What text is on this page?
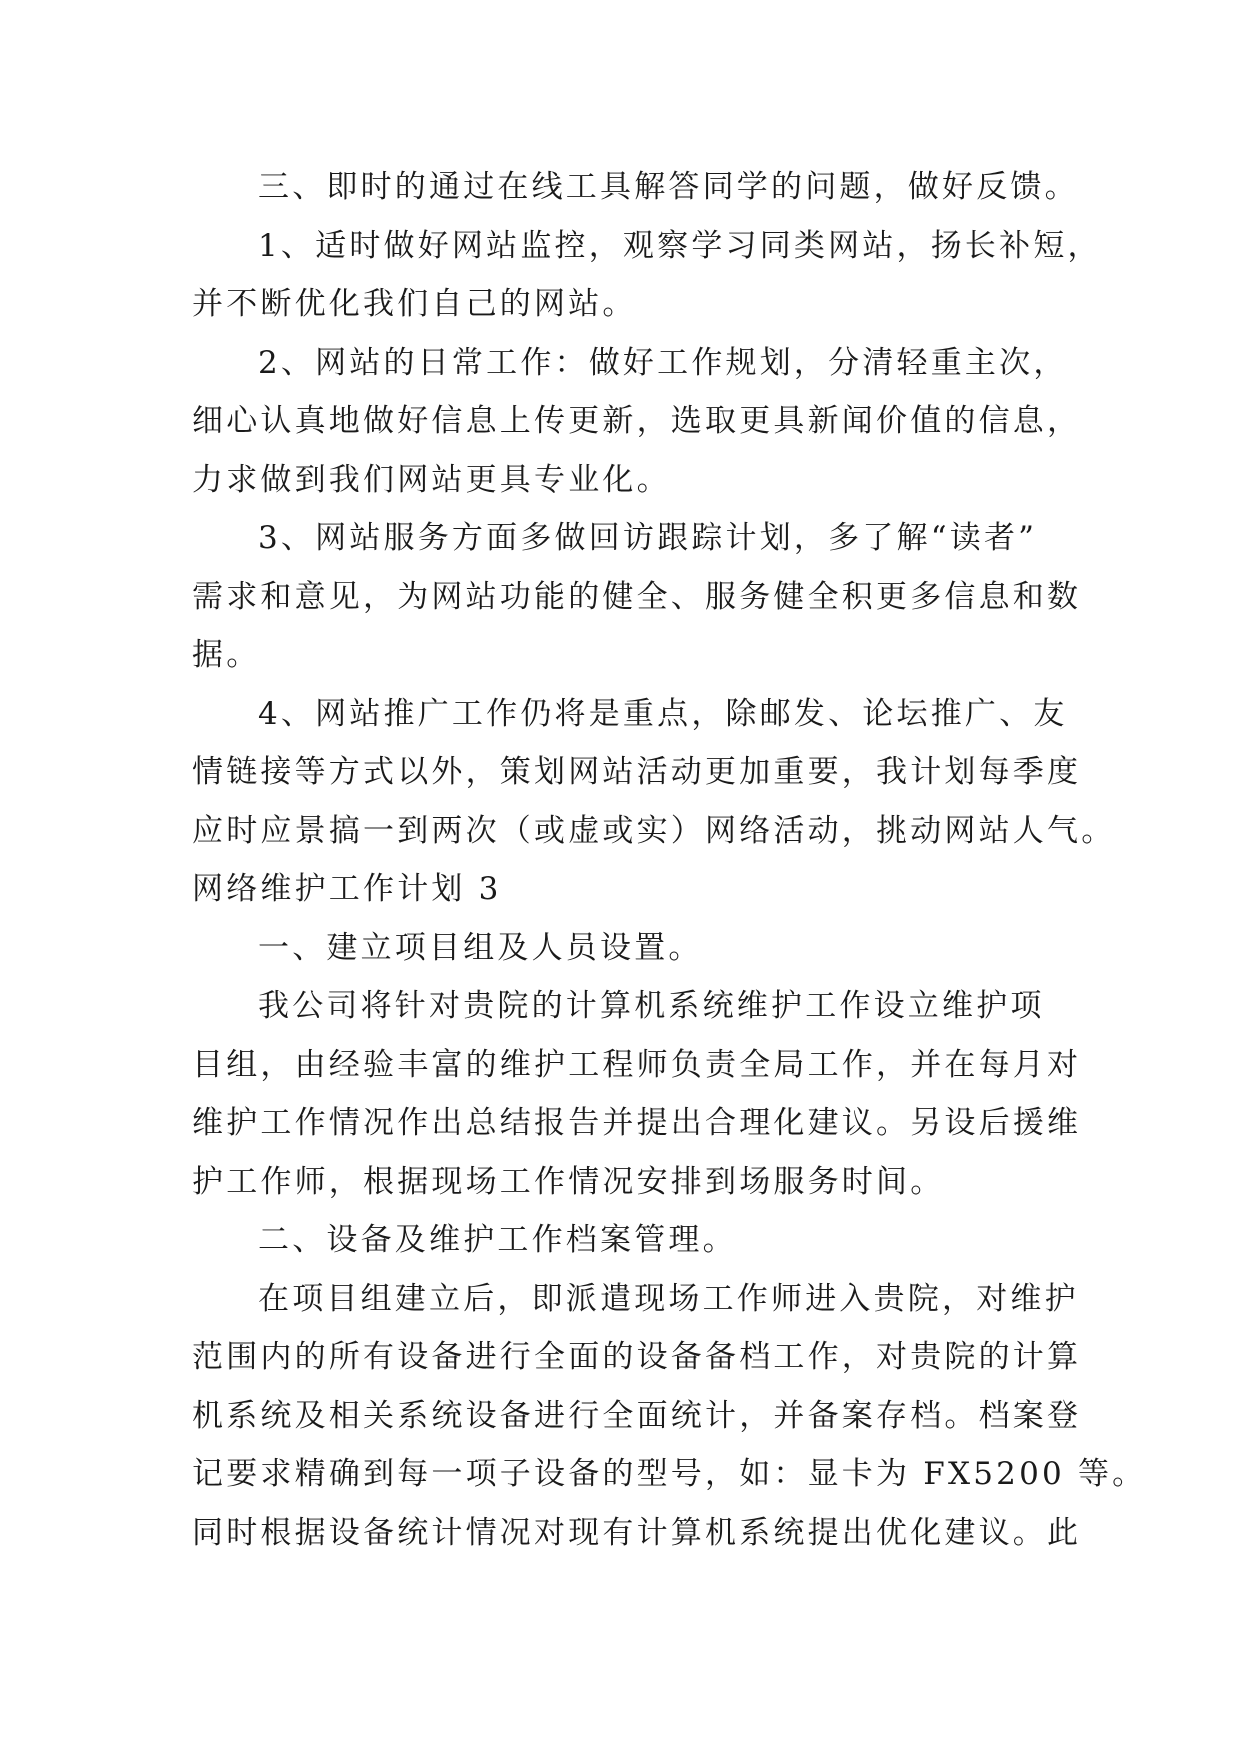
三、即时的通过在线工具解答同学的问题，做好反馈。
1、适时做好网站监控，观察学习同类网站，扬长补短，
并不断优化我们自己的网站。
2、网站的日常工作：做好工作规划，分清轻重主次，
细心认真地做好信息上传更新，选取更具新闻价值的信息，
力求做到我们网站更具专业化。
3、网站服务方面多做回访跟踪计划，多了解“读者”
需求和意见，为网站功能的健全、服务健全积更多信息和数
据。
4、网站推广工作仍将是重点，除邮发、论坛推广、友
情链接等方式以外，策划网站活动更加重要，我计划每季度
应时应景搞一到两次（或虚或实）网络活动，挑动网站人气。
网络维护工作计划 3
一、建立项目组及人员设置。
我公司将针对贵院的计算机系统维护工作设立维护项
目组，由经验丰富的维护工程师负责全局工作，并在每月对
维护工作情况作出总结报告并提出合理化建议。另设后援维
护工作师，根据现场工作情况安排到场服务时间。
二、设备及维护工作档案管理。
在项目组建立后，即派遣现场工作师进入贵院，对维护
范围内的所有设备进行全面的设备备档工作，对贵院的计算
机系统及相关系统设备进行全面统计，并备案存档。档案登
记要求精确到每一项子设备的型号，如：显卡为 FX5200 等。
同时根据设备统计情况对现有计算机系统提出优化建议。此
